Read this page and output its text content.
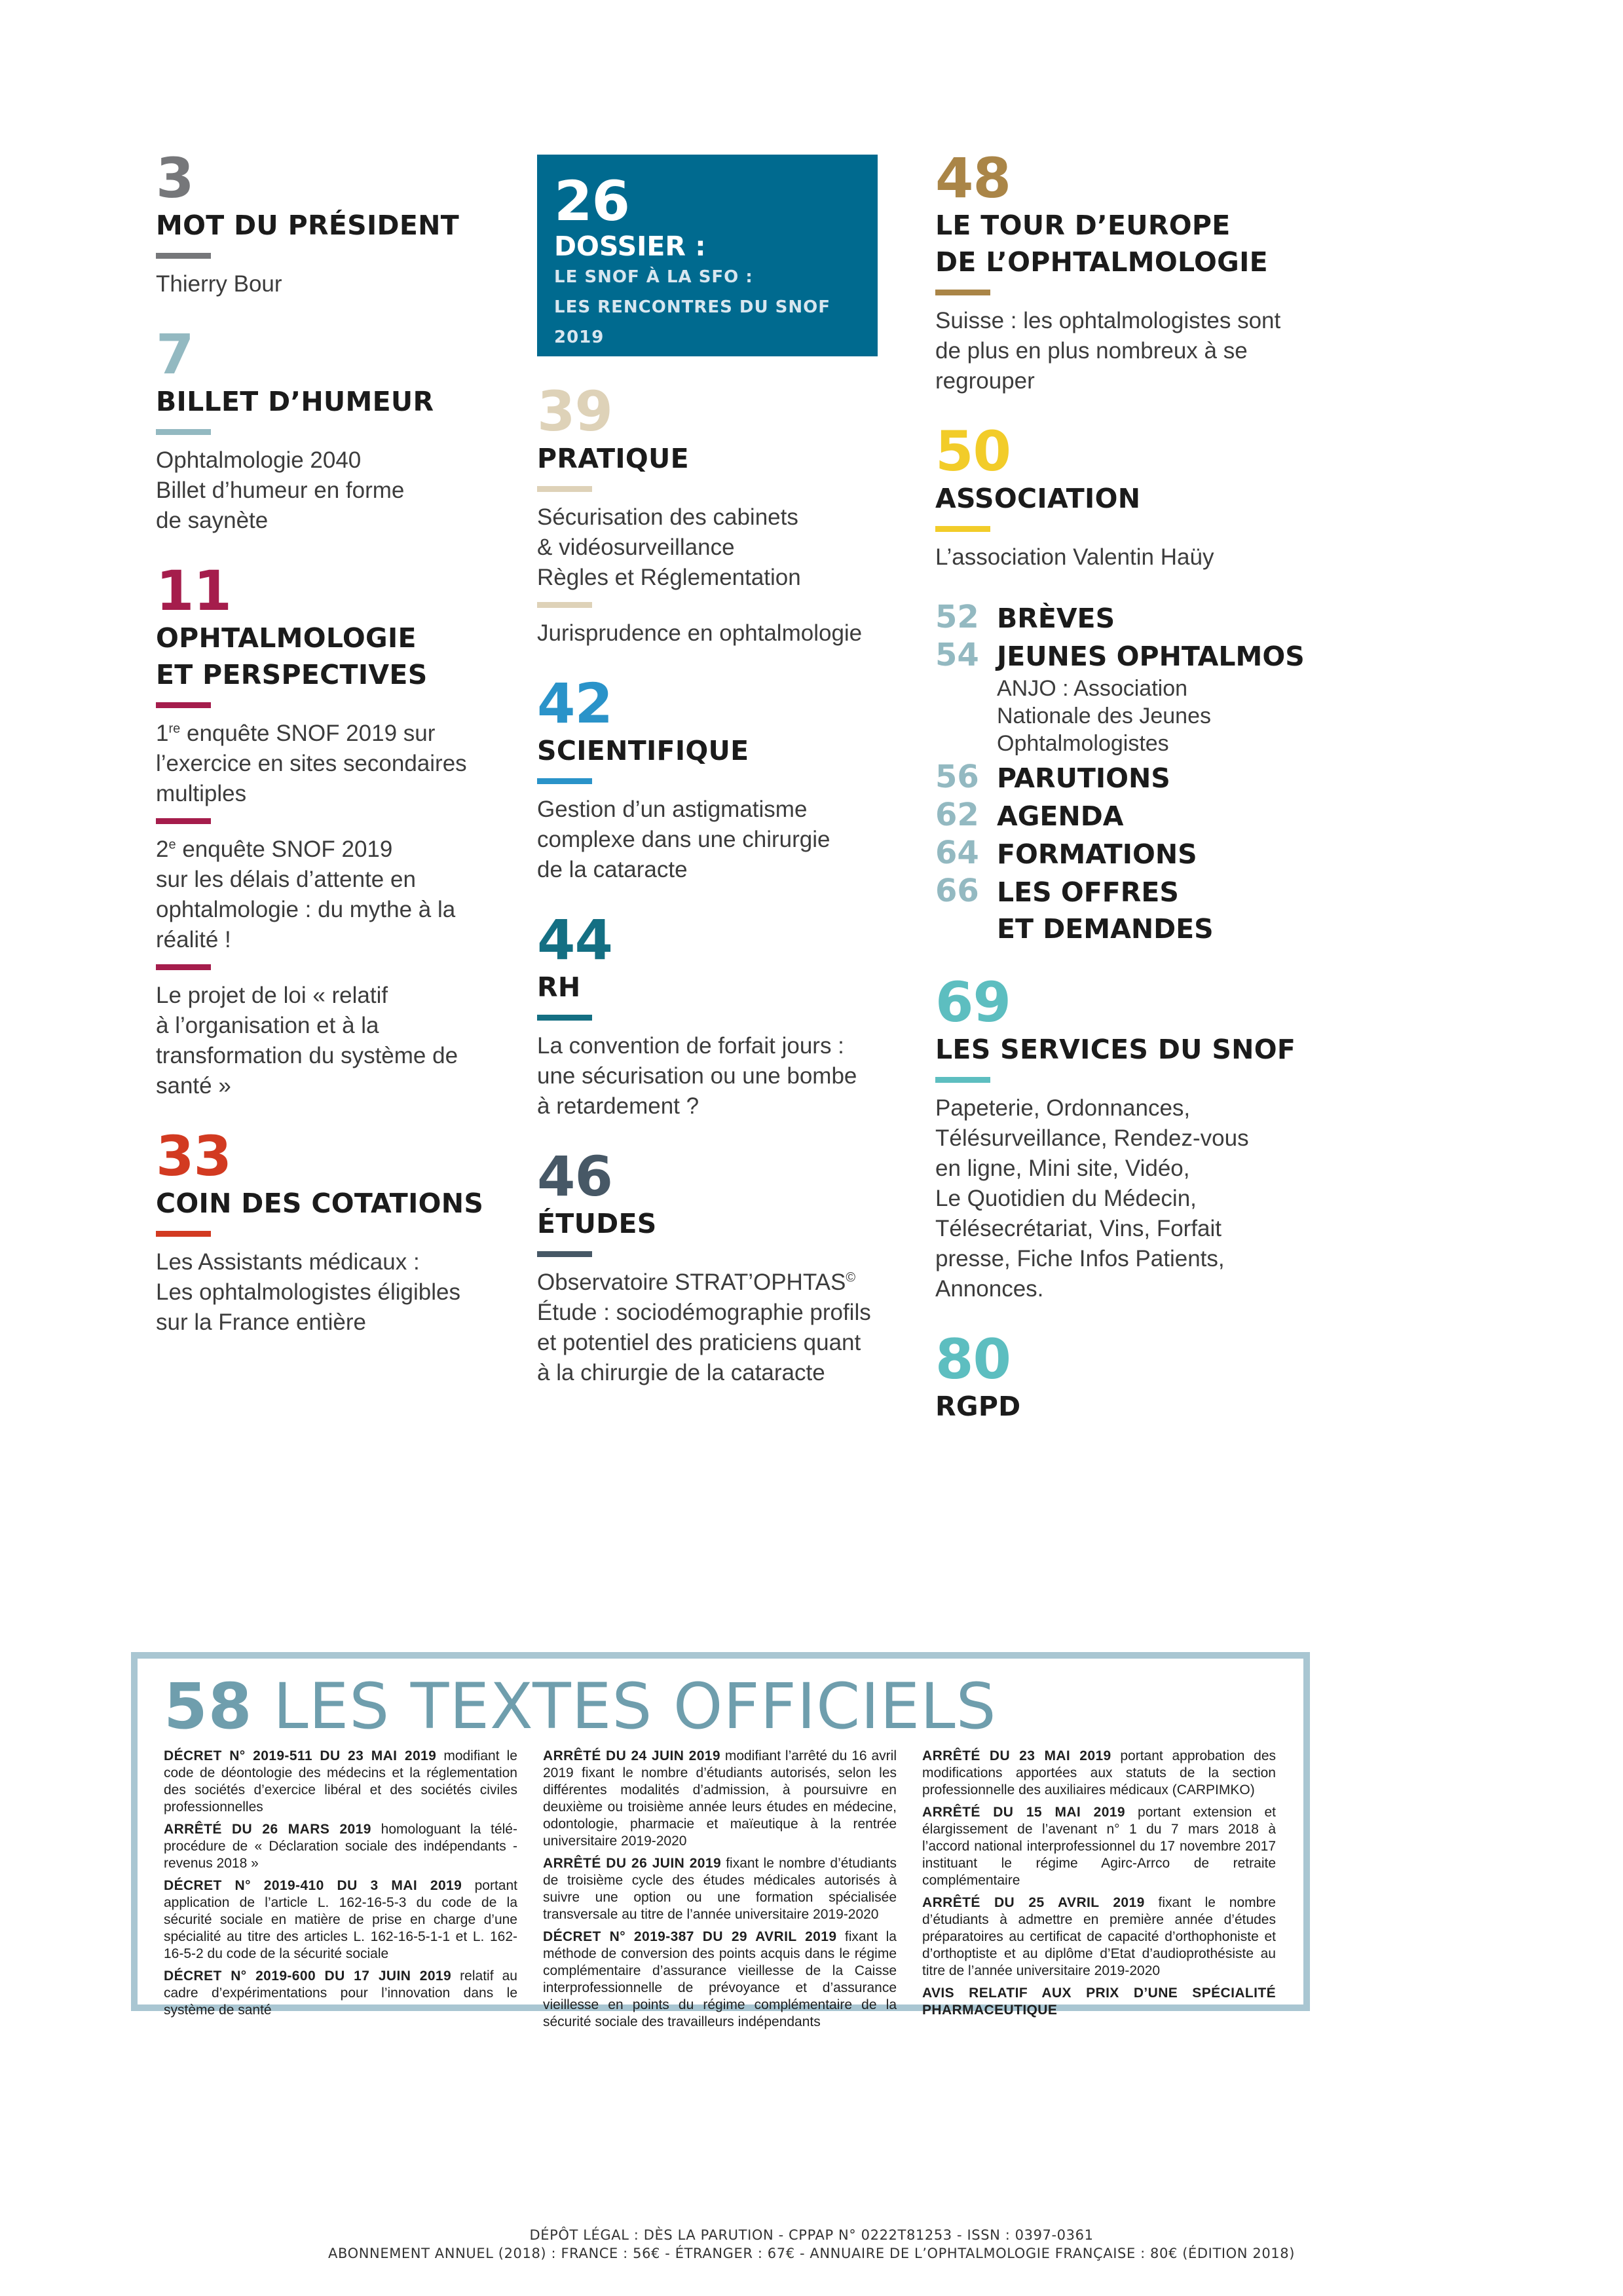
3
MOT DU PRÉSIDENT
Thierry Bour
7
BILLET D’HUMEUR
Ophtalmologie 2040
Billet d’humeur en forme
de saynète
11
OPHTALMOLOGIE
ET PERSPECTIVES
1re enquête SNOF 2019 sur
l’exercice en sites secondaires
multiples
2e enquête SNOF 2019
sur les délais d’attente en
ophtalmologie : du mythe à la
réalité !
Le projet de loi « relatif
à l’organisation et à la
transformation du système de
santé »
33
COIN DES COTATIONS
Les Assistants médicaux :
Les ophtalmologistes éligibles
sur la France entière
26
DOSSIER :
LE SNOF À LA SFO :
LES RENCONTRES DU SNOF
2019
39
PRATIQUE
Sécurisation des cabinets
& vidéosurveillance
Règles et Réglementation
Jurisprudence en ophtalmologie
42
SCIENTIFIQUE
Gestion d’un astigmatisme
complexe dans une chirurgie
de la cataracte
44
RH
La convention de forfait jours :
une sécurisation ou une bombe
à retardement ?
46
ÉTUDES
Observatoire STRAT’OPHTAS©
Étude : sociodémographie profils
et potentiel des praticiens quant
à la chirurgie de la cataracte
48
LE TOUR D’EUROPE
DE L’OPHTALMOLOGIE
Suisse : les ophtalmologistes sont
de plus en plus nombreux à se
regrouper
50
ASSOCIATION
L’association Valentin Haüy
52 BRÈVES
54 JEUNES OPHTALMOS
ANJO : Association
Nationale des Jeunes
Ophtalmologistes
56 PARUTIONS
62 AGENDA
64 FORMATIONS
66 LES OFFRES
ET DEMANDES
69
LES SERVICES DU SNOF
Papeterie, Ordonnances,
Télésurveillance, Rendez-vous
en ligne, Mini site, Vidéo,
Le Quotidien du Médecin,
Télésecrétariat, Vins, Forfait
presse, Fiche Infos Patients,
Annonces.
80
RGPD
58 LES TEXTES OFFICIELS

DÉCRET N° 2019-511 DU 23 MAI 2019 modifiant le code de déontologie des médecins et la réglementation des sociétés d’exercice libéral et des sociétés civiles professionnelles

ARRÊTÉ DU 26 MARS 2019 homologuant la télé-procédure de « Déclaration sociale des indépendants - revenus 2018 »

DÉCRET N° 2019-410 DU 3 MAI 2019 portant application de l’article L. 162-16-5-3 du code de la sécurité sociale en matière de prise en charge d’une spécialité au titre des articles L. 162-16-5-1-1 et L. 162-16-5-2 du code de la sécurité sociale

DÉCRET N° 2019-600 DU 17 JUIN 2019 relatif au cadre d’expérimentations pour l’innovation dans le système de santé

ARRÊTÉ DU 24 JUIN 2019 modifiant l’arrêté du 16 avril 2019 fixant le nombre d’étudiants autorisés, selon les différentes modalités d’admission, à poursuivre en deuxième ou troisième année leurs études en médecine, odontologie, pharmacie et maïeutique à la rentrée universitaire 2019-2020

ARRÊTÉ DU 26 JUIN 2019 fixant le nombre d’étudiants de troisième cycle des études médicales autorisés à suivre une option ou une formation spécialisée transversale au titre de l’année universitaire 2019-2020

DÉCRET N° 2019-387 DU 29 AVRIL 2019 fixant la méthode de conversion des points acquis dans le régime complémentaire d’assurance vieillesse de la Caisse interprofessionnelle de prévoyance et d’assurance vieillesse en points du régime complémentaire de la sécurité sociale des travailleurs indépendants

ARRÊTÉ DU 23 MAI 2019 portant approbation des modifications apportées aux statuts de la section professionnelle des auxiliaires médicaux (CARPIMKO)

ARRÊTÉ DU 15 MAI 2019 portant extension et élargissement de l’avenant n° 1 du 7 mars 2018 à l’accord national interprofessionnel du 17 novembre 2017 instituant le régime Agirc-Arrco de retraite complémentaire

ARRÊTÉ DU 25 AVRIL 2019 fixant le nombre d’étudiants à admettre en première année d’études préparatoires au certificat de capacité d’orthophoniste et d’orthoptiste et au diplôme d’Etat d’audioprothésiste au titre de l’année universitaire 2019-2020

AVIS RELATIF AUX PRIX D’UNE SPÉCIALITÉ PHARMACEUTIQUE

DÉPÔT LÉGAL : DÈS LA PARUTION - CPPAP N° 0222T81253 - ISSN : 0397-0361
ABONNEMENT ANNUEL (2018) : FRANCE : 56€ - ÉTRANGER : 67€ - ANNUAIRE DE L’OPHTALMOLOGIE FRANÇAISE : 80€ (ÉDITION 2018)
